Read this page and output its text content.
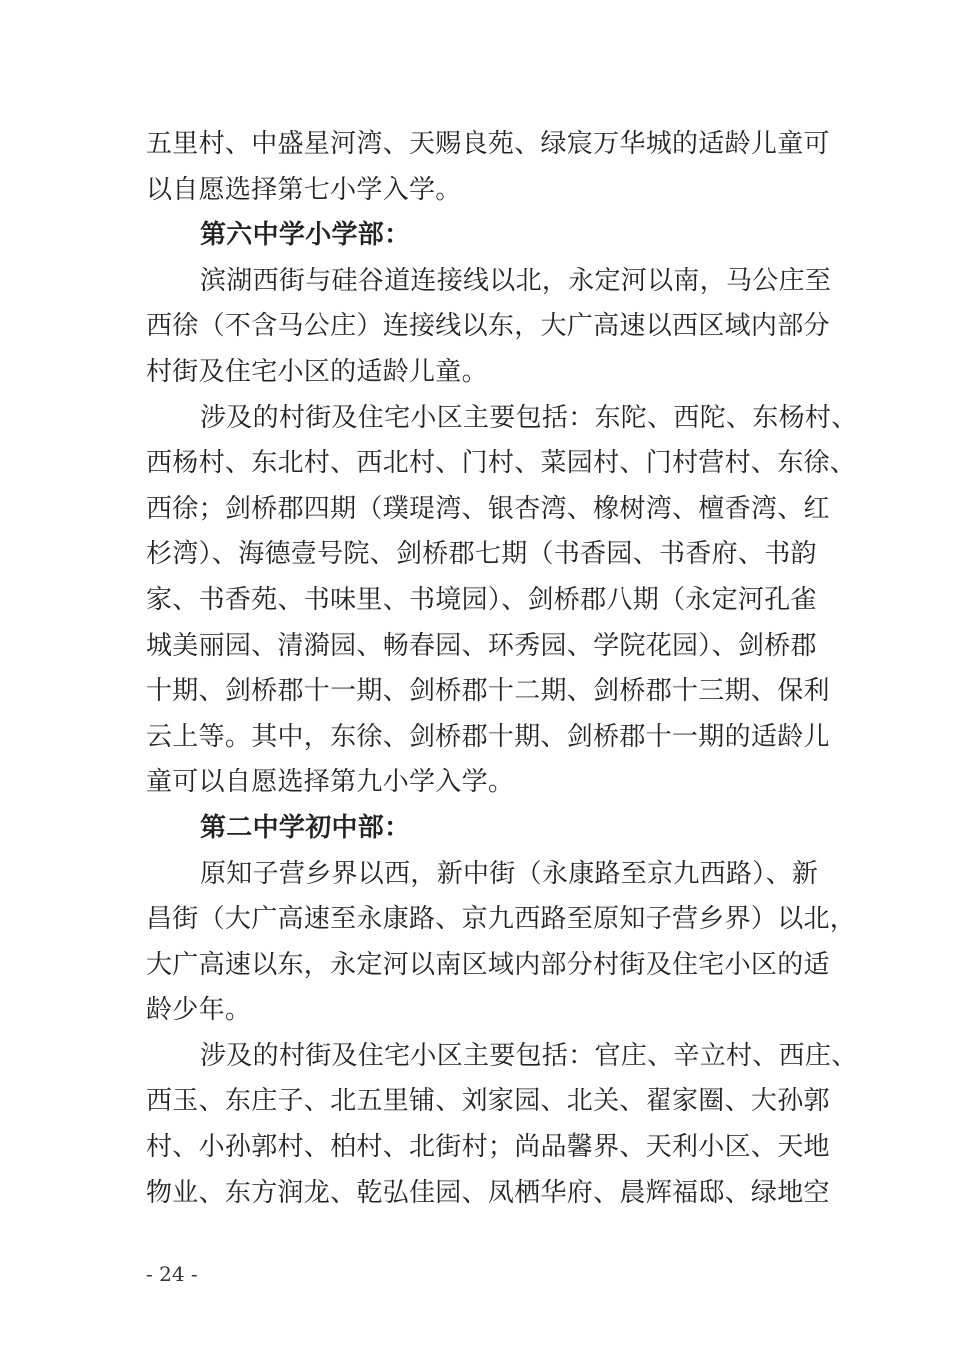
五里村、中盛星河湾、天赐良苑、绿宸万华城的适龄儿童可
以自愿选择第七小学入学。
第六中学小学部：
滨湖西街与硅谷道连接线以北，永定河以南，马公庄至
西徐（不含马公庄）连接线以东，大广高速以西区域内部分
村街及住宅小区的适龄儿童。
涉及的村街及住宅小区主要包括：东陀、西陀、东杨村、
西杨村、东北村、西北村、门村、菜园村、门村营村、东徐、
西徐；剑桥郡四期（璞瑅湾、银杏湾、橡树湾、檀香湾、红
杉湾）、海德壹号院、剑桥郡七期（书香园、书香府、书韵
家、书香苑、书味里、书境园）、剑桥郡八期（永定河孔雀
城美丽园、清漪园、畅春园、环秀园、学院花园）、剑桥郡
十期、剑桥郡十一期、剑桥郡十二期、剑桥郡十三期、保利
云上等。其中，东徐、剑桥郡十期、剑桥郡十一期的适龄儿
童可以自愿选择第九小学入学。
第二中学初中部：
原知子营乡界以西，新中街（永康路至京九西路）、新
昌街（大广高速至永康路、京九西路至原知子营乡界）以北，
大广高速以东，永定河以南区域内部分村街及住宅小区的适
龄少年。
涉及的村街及住宅小区主要包括：官庄、辛立村、西庄、
西玉、东庄子、北五里铺、刘家园、北关、翟家圈、大孙郭
村、小孙郭村、柏村、北街村；尚品馨界、天利小区、天地
物业、东方润龙、乾弘佳园、凤栖华府、晨辉福邸、绿地空
- 24 -
